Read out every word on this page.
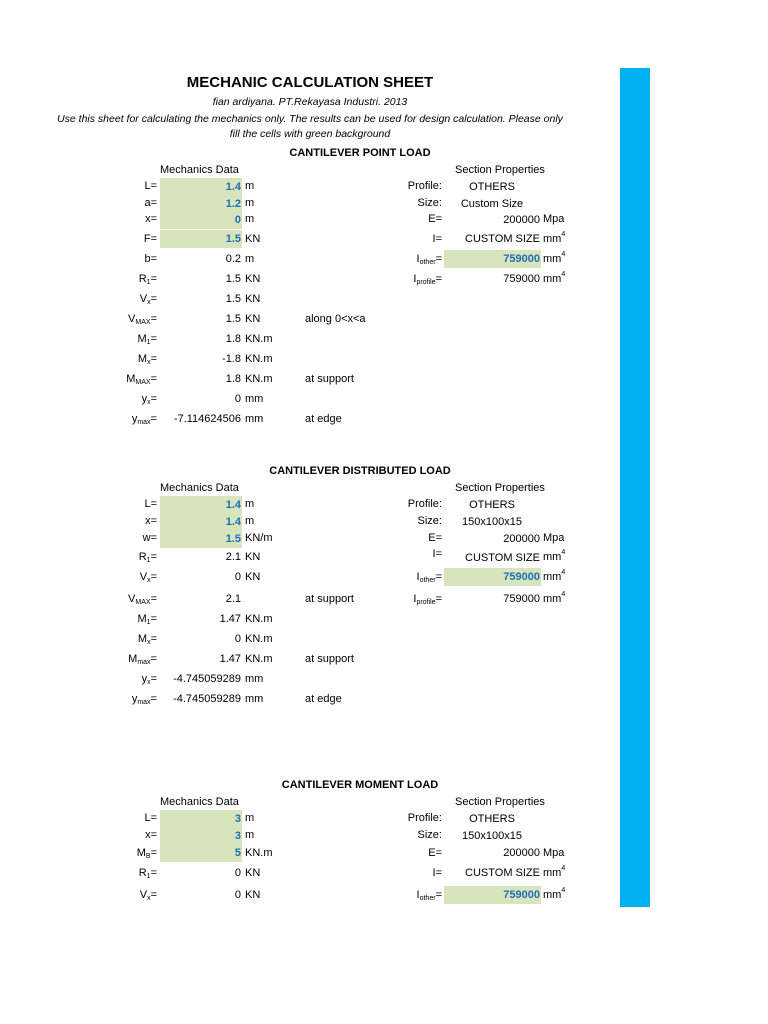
MECHANIC CALCULATION SHEET
fian ardiyana. PT.Rekayasa Industri. 2013
Use this sheet for calculating the mechanics only. The results can be used for design calculation. Please only
fill the cells with green background
CANTILEVER POINT LOAD
Mechanics Data	Section Properties
L=	1.4 m
a=	1.2 m
x=	0 m
F=	1.5 KN
b=	0.2 m
$R_1=$	1.5 KN
$V_x=$	1.5 KN
$V_{MAX}=$	1.5 KN	along 0<x<a
$M_1=$	1.8 KN.m
$M_x=$	-1.8 KN.m
$M_{MAX}=$	1.8 KN.m	at support
$y_x=$	0 mm
$y_{max}=$	-7.114624506 mm	at edge
Profile:	OTHERS
Size:	Custom Size
E=	200000 Mpa
I=	CUSTOM SIZE $mm^4$
$I_{other}=$	759000 $mm^4$
$I_{profile}=$	759000 $mm^4$
CANTILEVER DISTRIBUTED LOAD
Mechanics Data	Section Properties
L=	1.4 m
x=	1.4 m
w=	1.5 KN/m
$R_1=$	2.1 KN
$V_x=$	0 KN
$V_{MAX}=$	2.1	at support
$M_1=$	1.47 KN.m
$M_x=$	0 KN.m
$M_{max}=$	1.47 KN.m	at support
$y_x=$	-4.745059289 mm
$y_{max}=$	-4.745059289 mm	at edge
Profile:	OTHERS
Size:	150x100x15
E=	200000 Mpa
I=	CUSTOM SIZE $mm^4$
$I_{other}=$	759000 $mm^4$
$I_{profile}=$	759000 $mm^4$
CANTILEVER MOMENT LOAD
Mechanics Data	Section Properties
L=	3 m
x=	3 m
$M_B=$	5 KN.m
$R_1=$	0 KN
$V_x=$	0 KN
Profile:	OTHERS
Size:	150x100x15
E=	200000 Mpa
I=	CUSTOM SIZE $mm^4$
$I_{other}=$	759000 $mm^4$
